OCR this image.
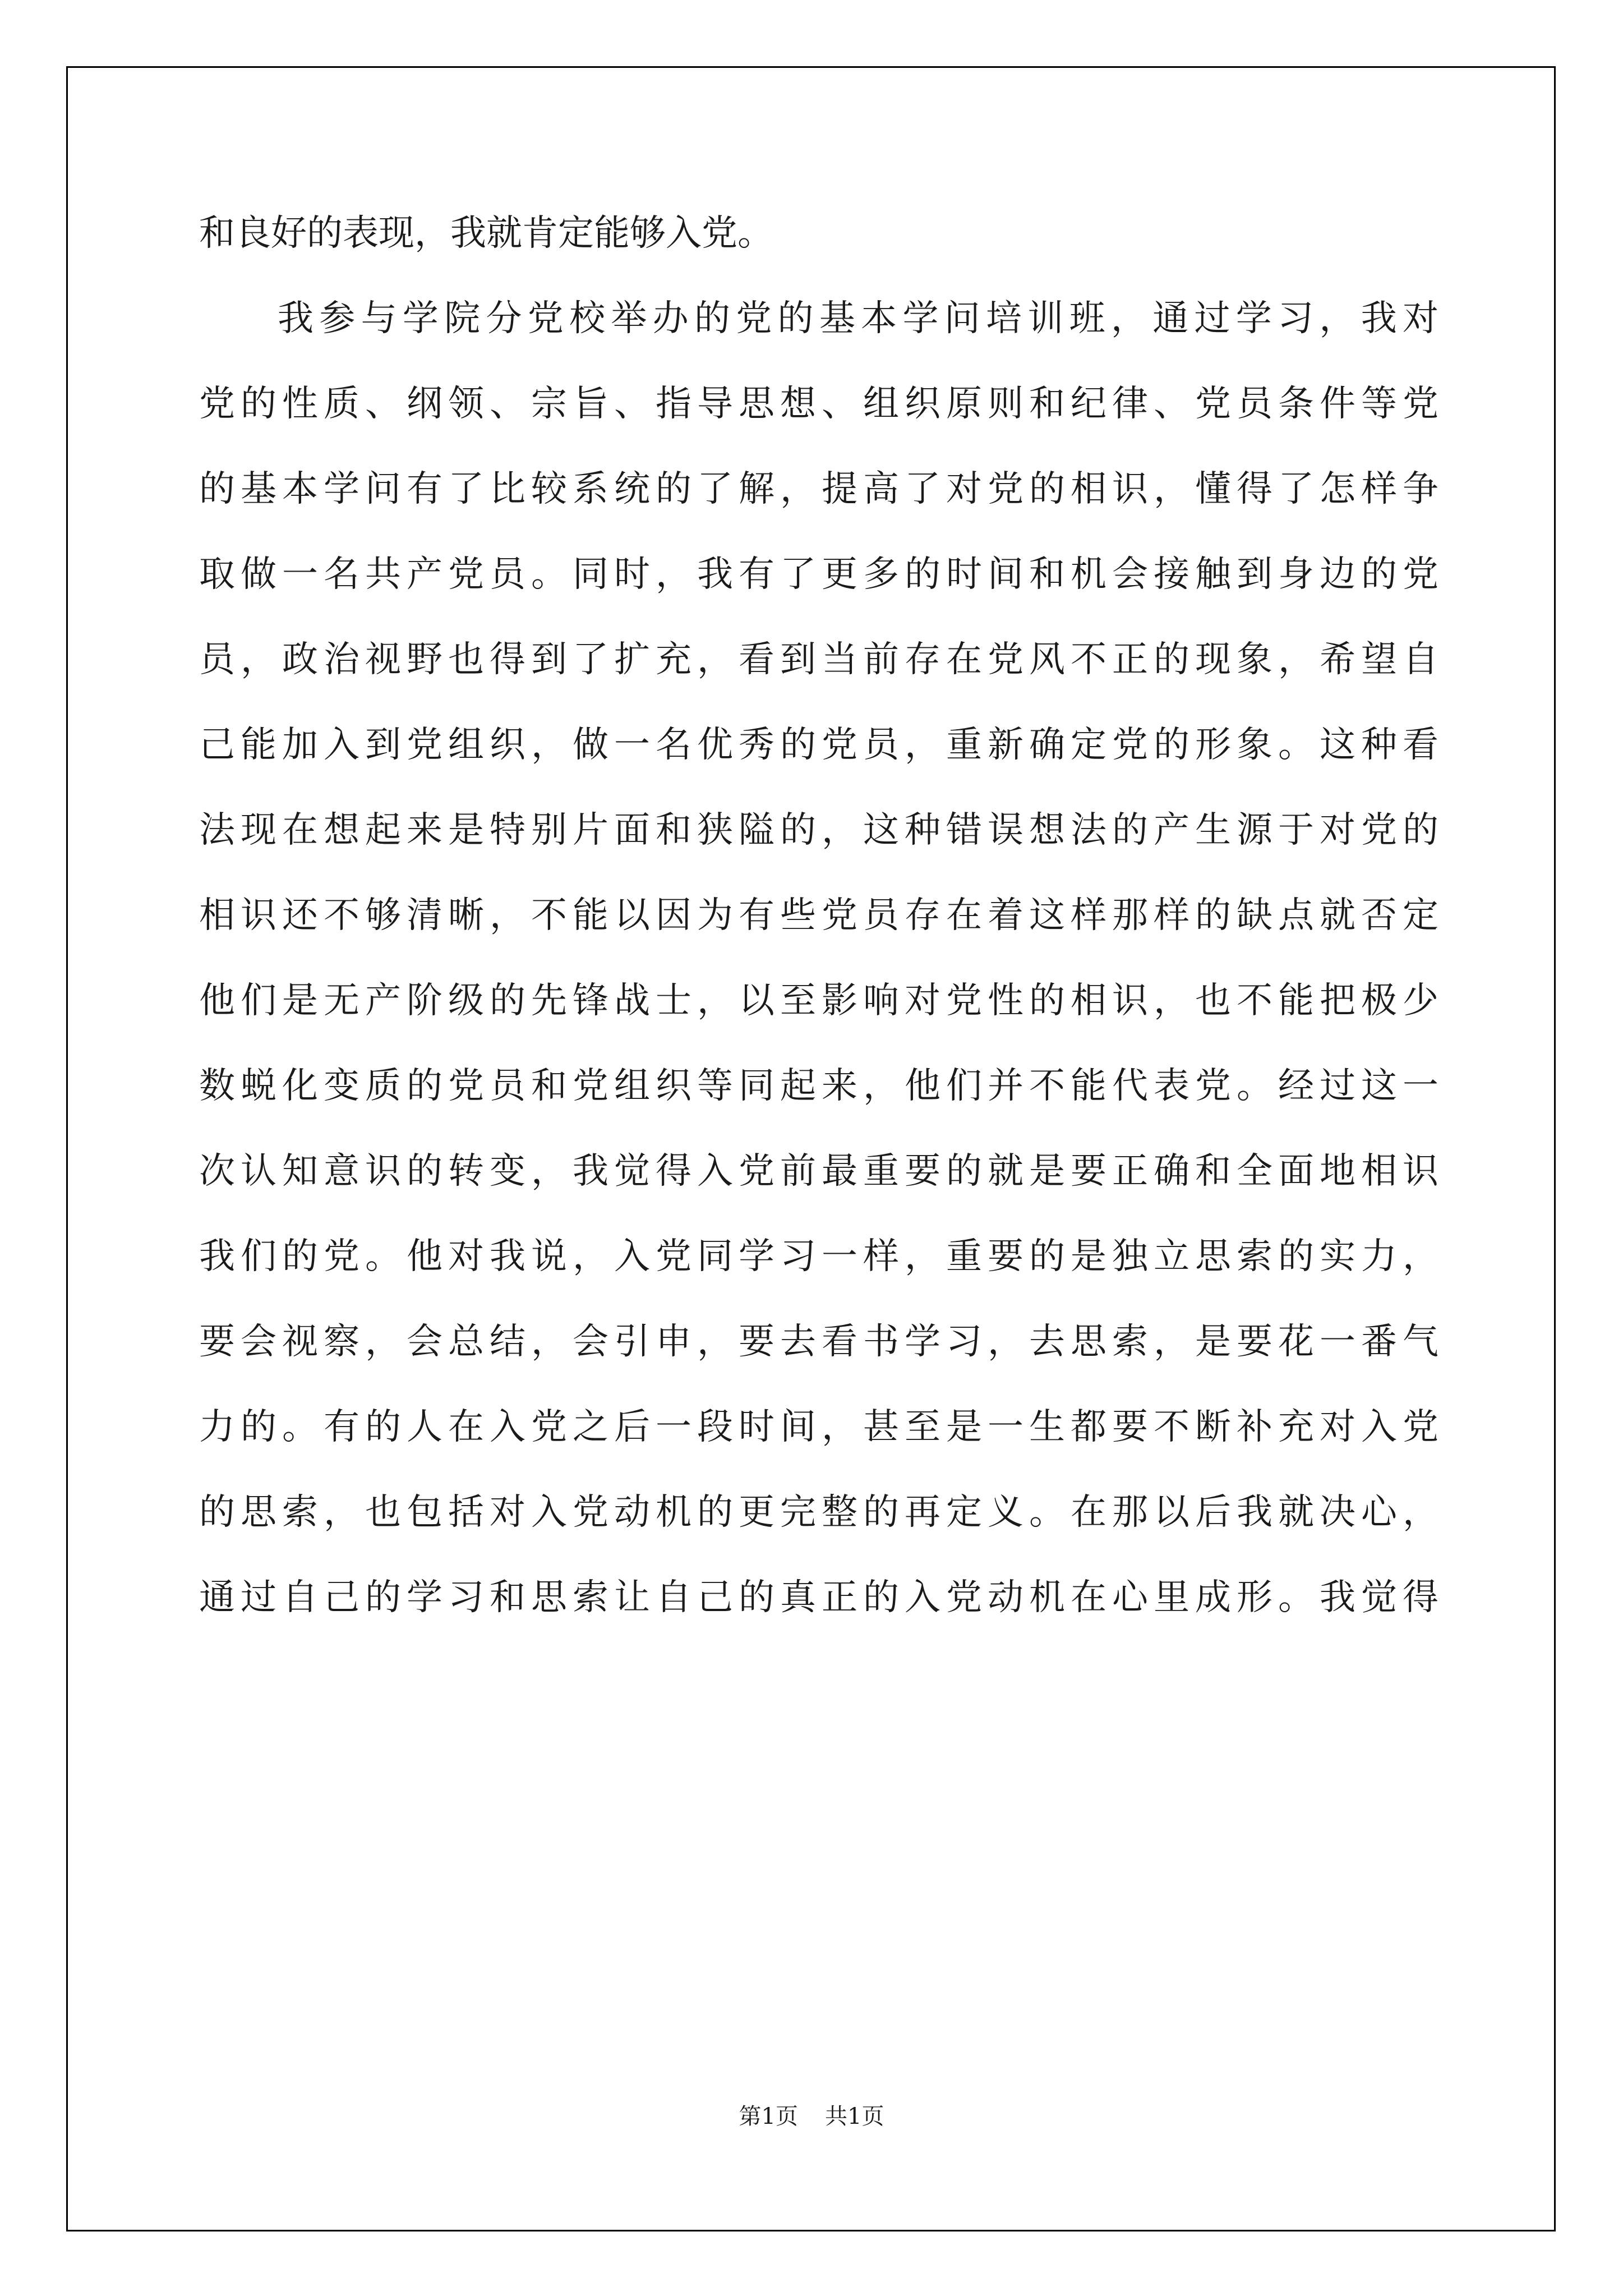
和良好的表现，我就肯定能够入党。
我参与学院分党校举办的党的基本学问培训班，通过学习，我对
党的性质、纲领、宗旨、指导思想、组织原则和纪律、党员条件等党
的基本学问有了比较系统的了解，提高了对党的相识，懂得了怎样争
取做一名共产党员。同时，我有了更多的时间和机会接触到身边的党
员，政治视野也得到了扩充，看到当前存在党风不正的现象，希望自
己能加入到党组织，做一名优秀的党员，重新确定党的形象。这种看
法现在想起来是特别片面和狭隘的，这种错误想法的产生源于对党的
相识还不够清晰，不能以因为有些党员存在着这样那样的缺点就否定
他们是无产阶级的先锋战士，以至影响对党性的相识，也不能把极少
数蜕化变质的党员和党组织等同起来，他们并不能代表党。经过这一
次认知意识的转变，我觉得入党前最重要的就是要正确和全面地相识
我们的党。他对我说，入党同学习一样，重要的是独立思索的实力，
要会视察，会总结，会引申，要去看书学习，去思索，是要花一番气
力的。有的人在入党之后一段时间，甚至是一生都要不断补充对入党
的思索，也包括对入党动机的更完整的再定义。在那以后我就决心，
通过自己的学习和思索让自己的真正的入党动机在心里成形。我觉得
第1页 共1页
